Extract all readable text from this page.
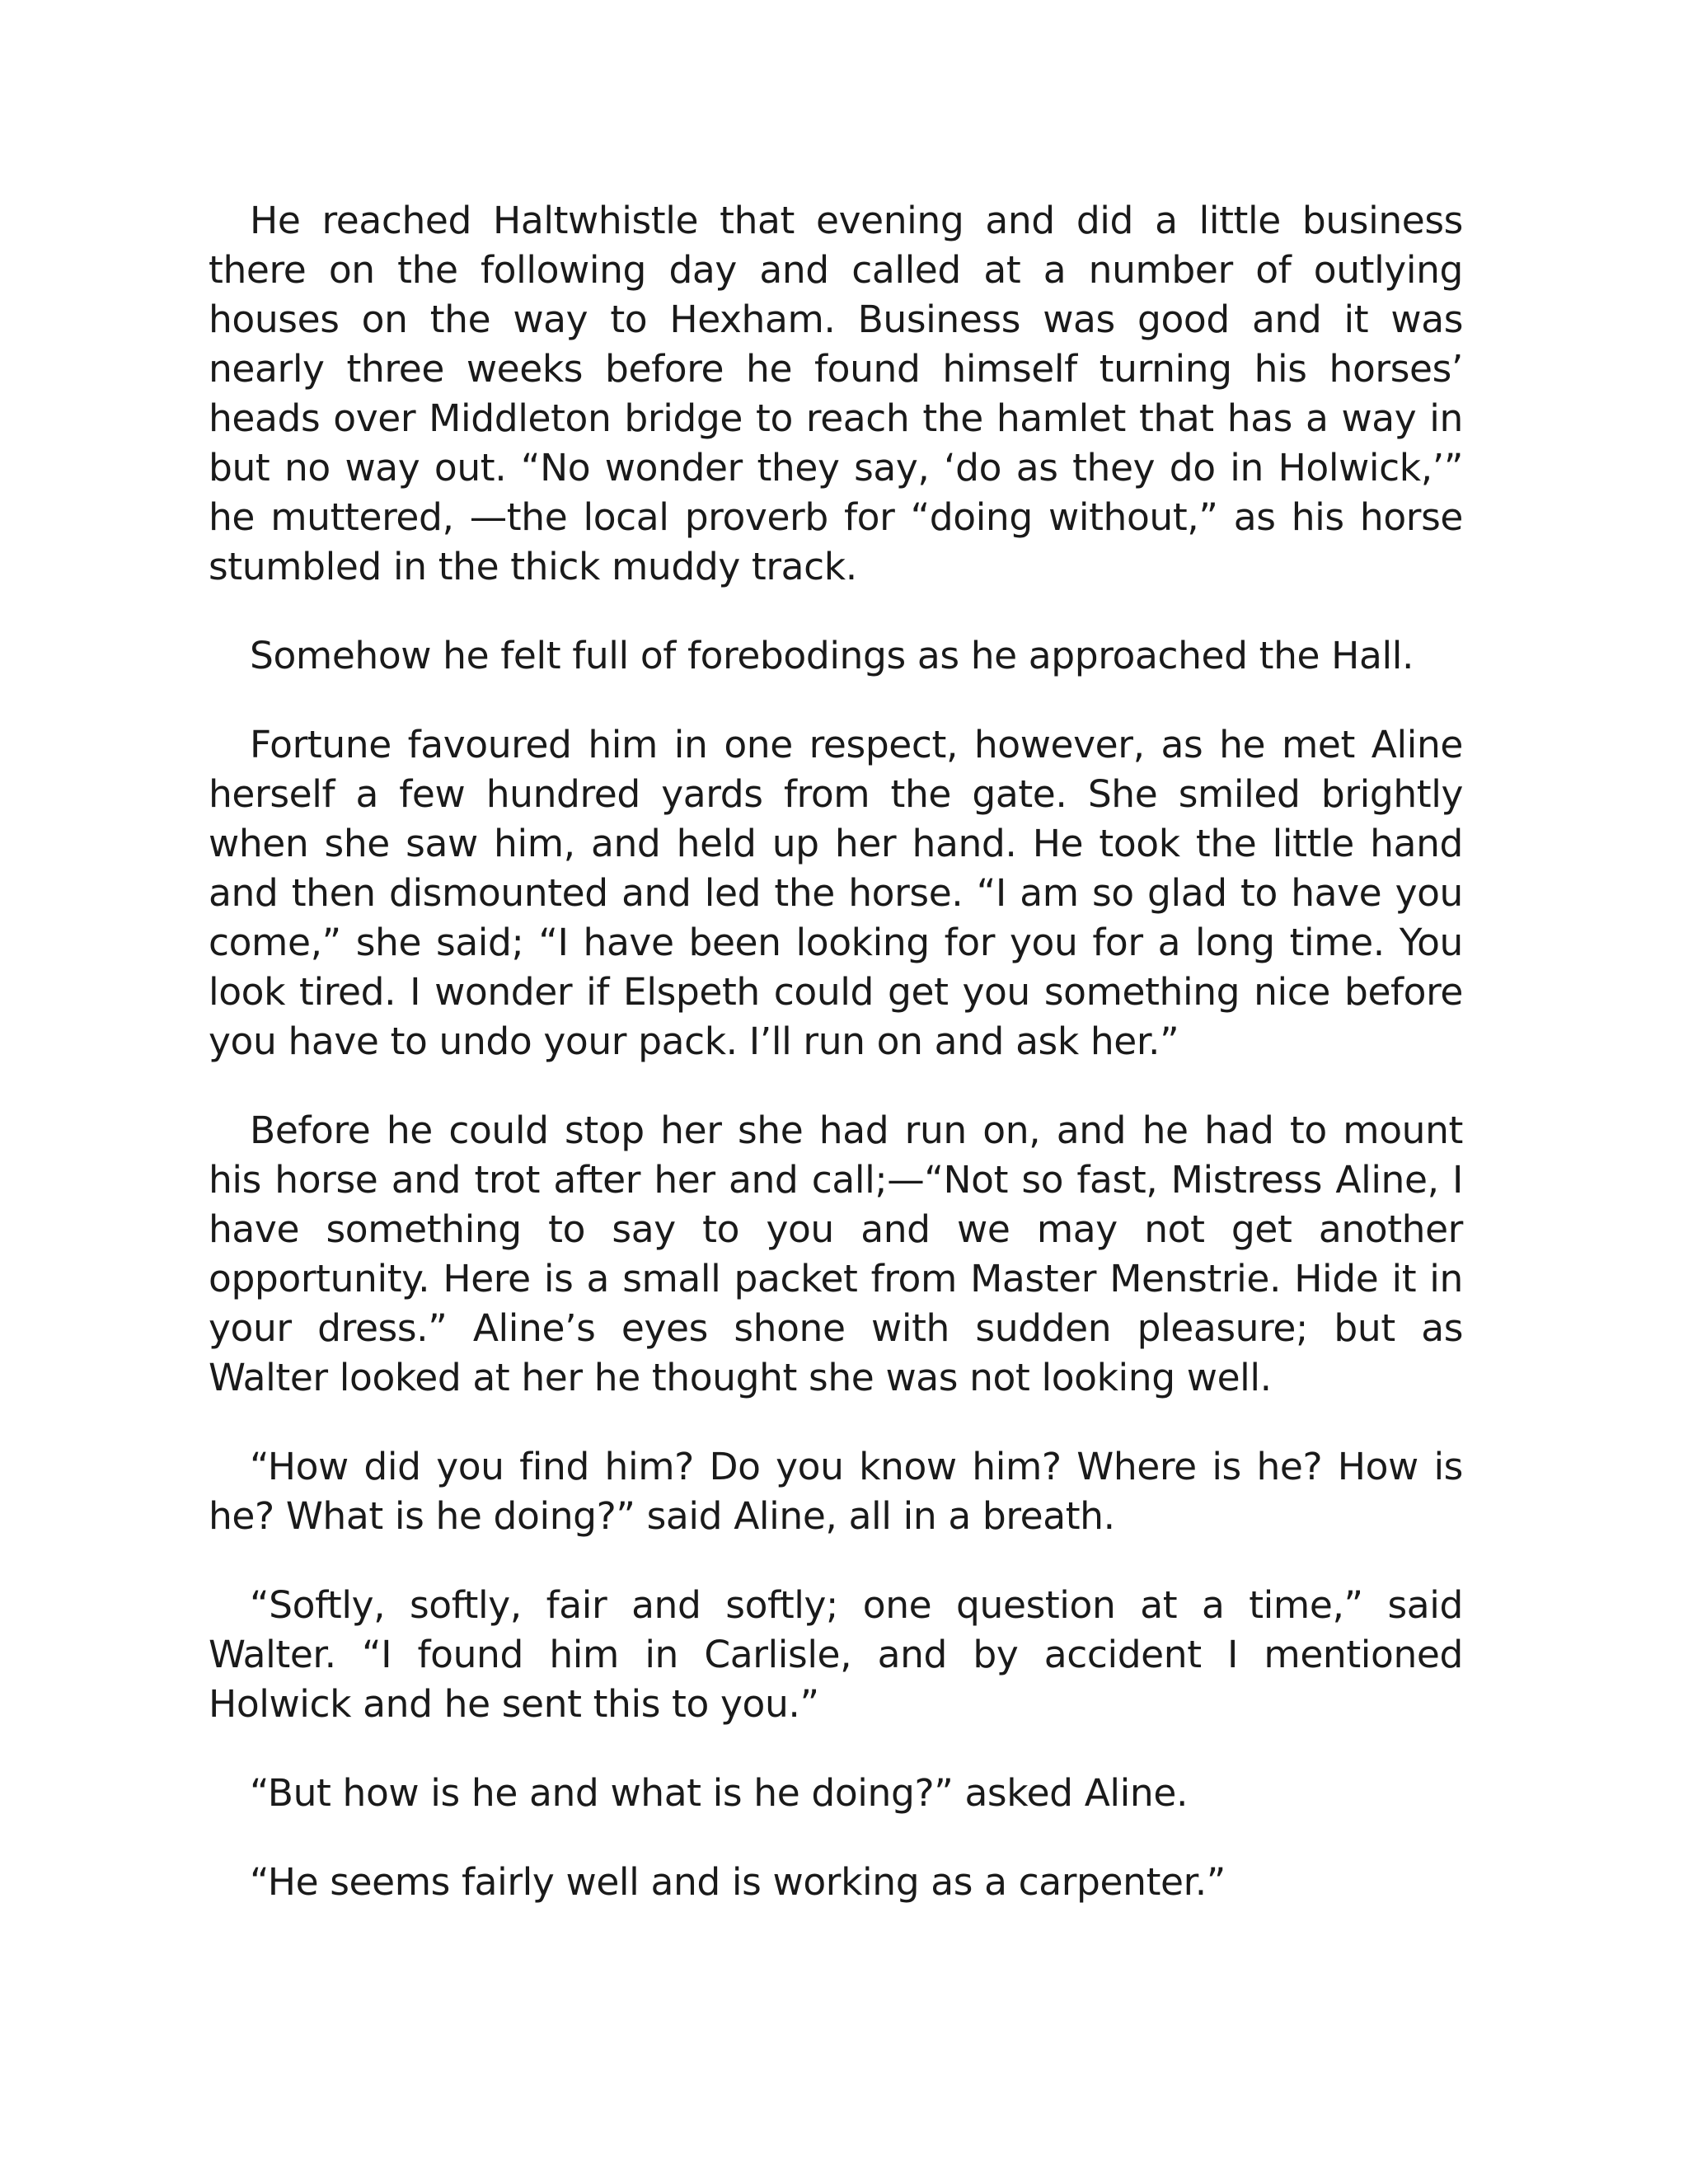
He reached Haltwhistle that evening and did a little business there on the following day and called at a number of outlying houses on the way to Hexham. Business was good and it was nearly three weeks before he found himself turning his horses’ heads over Middleton bridge to reach the hamlet that has a way in but no way out. “No wonder they say, ‘do as they do in Holwick,’” he muttered, —the local proverb for “doing without,” as his horse stumbled in the thick muddy track.

Somehow he felt full of forebodings as he approached the Hall.

Fortune favoured him in one respect, however, as he met Aline herself a few hundred yards from the gate. She smiled brightly when she saw him, and held up her hand. He took the little hand and then dismounted and led the horse. “I am so glad to have you come,” she said; “I have been looking for you for a long time. You look tired. I wonder if Elspeth could get you something nice before you have to undo your pack. I’ll run on and ask her.”

Before he could stop her she had run on, and he had to mount his horse and trot after her and call;—“Not so fast, Mistress Aline, I have something to say to you and we may not get another opportunity. Here is a small packet from Master Menstrie. Hide it in your dress.” Aline’s eyes shone with sudden pleasure; but as Walter looked at her he thought she was not looking well.

“How did you find him? Do you know him? Where is he? How is he? What is he doing?” said Aline, all in a breath.

“Softly, softly, fair and softly; one question at a time,” said Walter. “I found him in Carlisle, and by accident I mentioned Holwick and he sent this to you.”

“But how is he and what is he doing?” asked Aline.

“He seems fairly well and is working as a carpenter.”
